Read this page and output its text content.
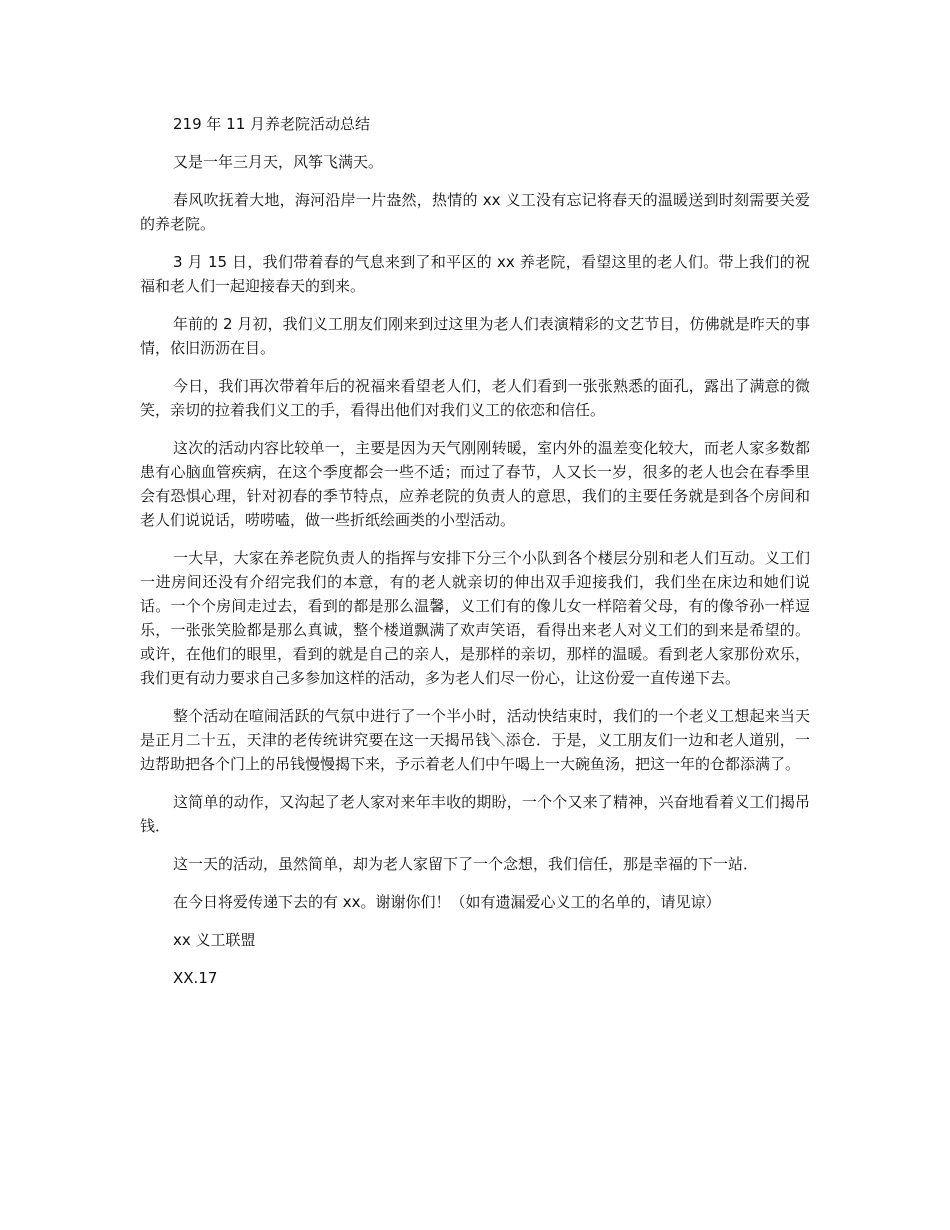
219 年 11 月养老院活动总结

又是一年三月天，风筝飞满天。

春风吹抚着大地，海河沿岸一片盎然，热情的 xx 义工没有忘记将春天的温暖送到时刻需要关爱的养老院。

3 月 15 日，我们带着春的气息来到了和平区的 xx 养老院，看望这里的老人们。带上我们的祝福和老人们一起迎接春天的到来。

年前的 2 月初，我们义工朋友们刚来到过这里为老人们表演精彩的文艺节目，仿佛就是昨天的事情，依旧沥沥在目。

今日，我们再次带着年后的祝福来看望老人们，老人们看到一张张熟悉的面孔，露出了满意的微笑，亲切的拉着我们义工的手，看得出他们对我们义工的依恋和信任。

这次的活动内容比较单一，主要是因为天气刚刚转暖，室内外的温差变化较大，而老人家多数都患有心脑血管疾病，在这个季度都会一些不适；而过了春节，人又长一岁，很多的老人也会在春季里会有恐惧心理，针对初春的季节特点，应养老院的负责人的意思，我们的主要任务就是到各个房间和老人们说说话，唠唠嗑，做一些折纸绘画类的小型活动。

一大早，大家在养老院负责人的指挥与安排下分三个小队到各个楼层分别和老人们互动。义工们一进房间还没有介绍完我们的本意，有的老人就亲切的伸出双手迎接我们，我们坐在床边和她们说话。一个个房间走过去，看到的都是那么温馨，义工们有的像儿女一样陪着父母，有的像爷孙一样逗乐，一张张笑脸都是那么真诚，整个楼道飘满了欢声笑语，看得出来老人对义工们的到来是希望的。或许，在他们的眼里，看到的就是自己的亲人，是那样的亲切，那样的温暖。看到老人家那份欢乐，我们更有动力要求自己多参加这样的活动，多为老人们尽一份心，让这份爱一直传递下去。

整个活动在喧闹活跃的气氛中进行了一个半小时，活动快结束时，我们的一个老义工想起来当天是正月二十五，天津的老传统讲究要在这一天揭吊钱＼添仓．于是，义工朋友们一边和老人道别，一边帮助把各个门上的吊钱慢慢揭下来，予示着老人们中午喝上一大碗鱼汤，把这一年的仓都添满了。

这简单的动作，又沟起了老人家对来年丰收的期盼，一个个又来了精神，兴奋地看着义工们揭吊钱．

这一天的活动，虽然简单，却为老人家留下了一个念想，我们信任，那是幸福的下一站．

在今日将爱传递下去的有 xx。谢谢你们！（如有遗漏爱心义工的名单的，请见谅）

xx 义工联盟

XX.17
